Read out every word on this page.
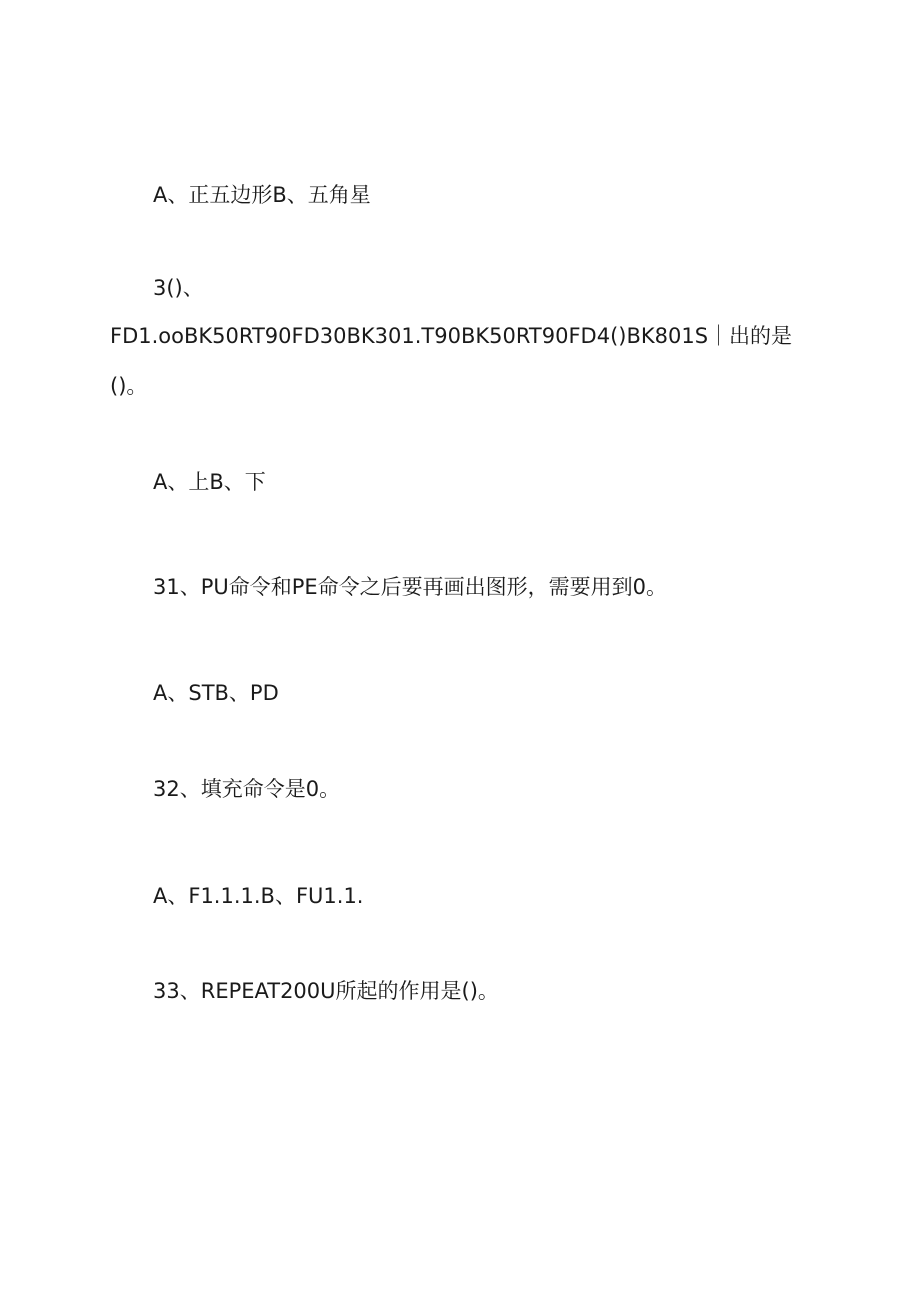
A、正五边形B、五角星
3()、
FD1.ooBK50RT90FD30BK301.T90BK50RT90FD4()BK801S｜出的是
()。
A、上B、下
31、PU命令和PE命令之后要再画出图形，需要用到0。
A、STB、PD
32、填充命令是0。
A、F1.1.1.B、FU1.1.
33、REPEAT200U所起的作用是()。
